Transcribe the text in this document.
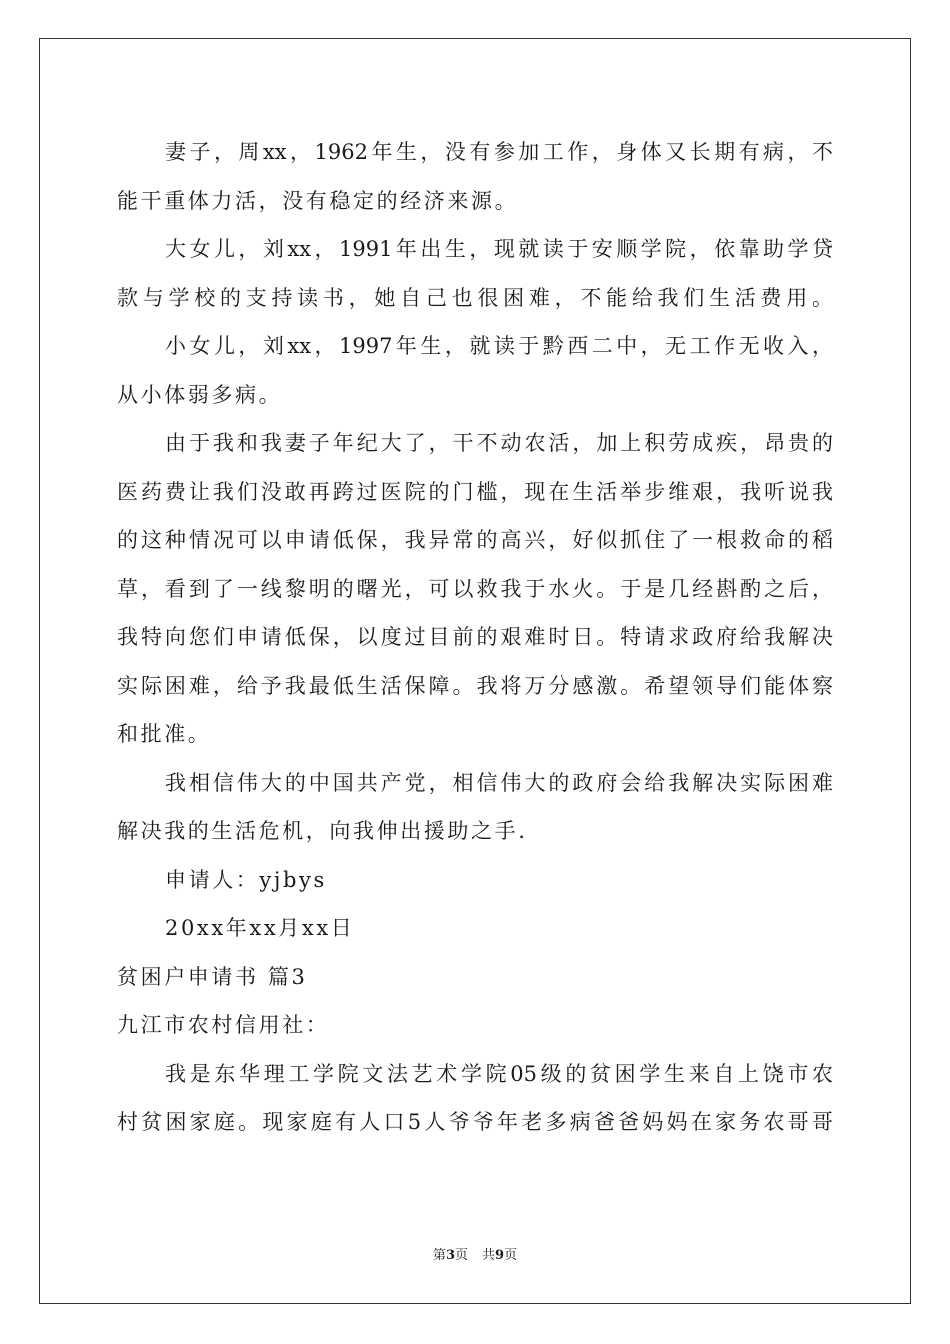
妻子，周xx，1962年生，没有参加工作，身体又长期有病，不
能干重体力活，没有稳定的经济来源。
大女儿，刘xx，1991年出生，现就读于安顺学院，依靠助学贷
款与学校的支持读书，她自己也很困难，不能给我们生活费用。
小女儿，刘xx，1997年生，就读于黔西二中，无工作无收入，
从小体弱多病。
由于我和我妻子年纪大了，干不动农活，加上积劳成疾，昂贵的
医药费让我们没敢再跨过医院的门槛，现在生活举步维艰，我听说我
的这种情况可以申请低保，我异常的高兴，好似抓住了一根救命的稻
草，看到了一线黎明的曙光，可以救我于水火。于是几经斟酌之后，
我特向您们申请低保，以度过目前的艰难时日。特请求政府给我解决
实际困难，给予我最低生活保障。我将万分感激。希望领导们能体察
和批准。
我相信伟大的中国共产党，相信伟大的政府会给我解决实际困难
解决我的生活危机，向我伸出援助之手.
申请人：yjbys
20xx年xx月xx日
贫困户申请书 篇3
九江市农村信用社：
我是东华理工学院文法艺术学院05级的贫困学生来自上饶市农
村贫困家庭。现家庭有人口5人爷爷年老多病爸爸妈妈在家务农哥哥
第3页 共9页
